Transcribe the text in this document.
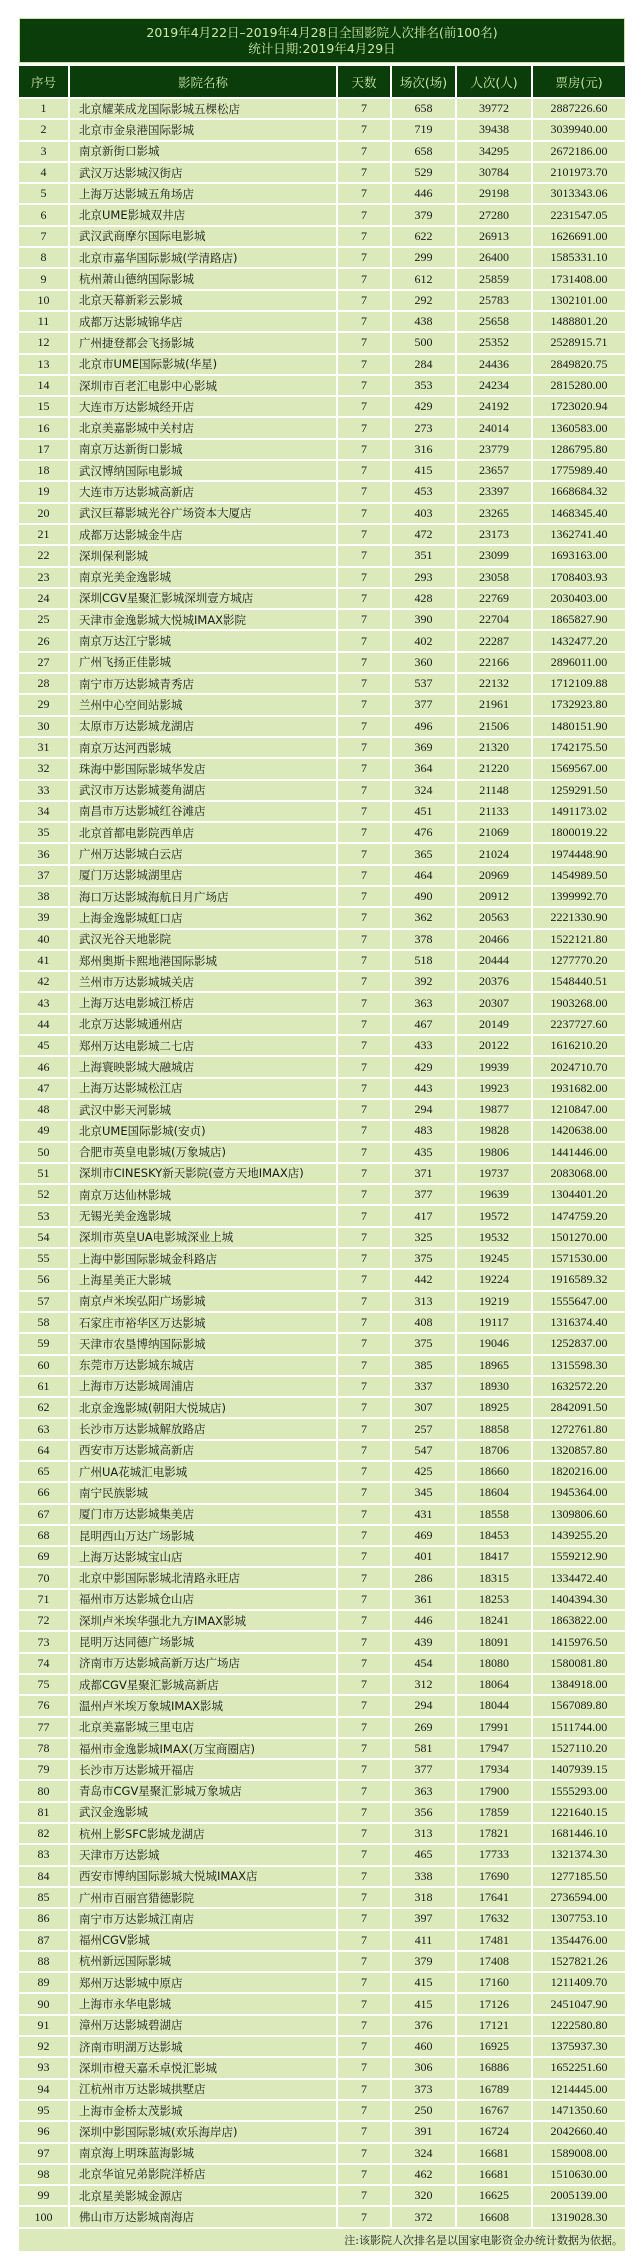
2019年4月22日–2019年4月28日全国影院人次排名(前100名)
统计日期:2019年4月29日
序号	影院名称	天数	场次(场)	人次(人)	票房(元)
1	北京耀莱成龙国际影城五棵松店	7	658	39772	2887226.60
2	北京市金泉港国际影城	7	719	39438	3039940.00
3	南京新街口影城	7	658	34295	2672186.00
4	武汉万达影城汉街店	7	529	30784	2101973.70
5	上海万达影城五角场店	7	446	29198	3013343.06
6	北京UME影城双井店	7	379	27280	2231547.05
7	武汉武商摩尔国际电影城	7	622	26913	1626691.00
8	北京市嘉华国际影城(学清路店)	7	299	26400	1585331.10
9	杭州萧山德纳国际影城	7	612	25859	1731408.00
10	北京天幕新彩云影城	7	292	25783	1302101.00
11	成都万达影城锦华店	7	438	25658	1488801.20
12	广州捷登都会飞扬影城	7	500	25352	2528915.71
13	北京市UME国际影城(华星)	7	284	24436	2849820.75
14	深圳市百老汇电影中心影城	7	353	24234	2815280.00
15	大连市万达影城经开店	7	429	24192	1723020.94
16	北京美嘉影城中关村店	7	273	24014	1360583.00
17	南京万达新街口影城	7	316	23779	1286795.80
18	武汉博纳国际电影城	7	415	23657	1775989.40
19	大连市万达影城高新店	7	453	23397	1668684.32
20	武汉巨幕影城光谷广场资本大厦店	7	403	23265	1468345.40
21	成都万达影城金牛店	7	472	23173	1362741.40
22	深圳保利影城	7	351	23099	1693163.00
23	南京光美金逸影城	7	293	23058	1708403.93
24	深圳CGV星聚汇影城深圳壹方城店	7	428	22769	2030403.00
25	天津市金逸影城大悦城IMAX影院	7	390	22704	1865827.90
26	南京万达江宁影城	7	402	22287	1432477.20
27	广州飞扬正佳影城	7	360	22166	2896011.00
28	南宁市万达影城青秀店	7	537	22132	1712109.88
29	兰州中心空间站影城	7	377	21961	1732923.80
30	太原市万达影城龙湖店	7	496	21506	1480151.90
31	南京万达河西影城	7	369	21320	1742175.50
32	珠海中影国际影城华发店	7	364	21220	1569567.00
33	武汉市万达影城菱角湖店	7	324	21148	1259291.50
34	南昌市万达影城红谷滩店	7	451	21133	1491173.02
35	北京首都电影院西单店	7	476	21069	1800019.22
36	广州万达影城白云店	7	365	21024	1974448.90
37	厦门万达影城湖里店	7	464	20969	1454989.50
38	海口万达影城海航日月广场店	7	490	20912	1399992.70
39	上海金逸影城虹口店	7	362	20563	2221330.90
40	武汉光谷天地影院	7	378	20466	1522121.80
41	郑州奥斯卡熙地港国际影城	7	518	20444	1277770.20
42	兰州市万达影城城关店	7	392	20376	1548440.51
43	上海万达电影城江桥店	7	363	20307	1903268.00
44	北京万达影城通州店	7	467	20149	2237727.60
45	郑州万达电影城二七店	7	433	20122	1616210.20
46	上海寰映影城大融城店	7	429	19939	2024710.70
47	上海万达影城松江店	7	443	19923	1931682.00
48	武汉中影天河影城	7	294	19877	1210847.00
49	北京UME国际影城(安贞)	7	483	19828	1420638.00
50	合肥市英皇电影城(万象城店)	7	435	19806	1441446.00
51	深圳市CINESKY新天影院(壹方天地IMAX店)	7	371	19737	2083068.00
52	南京万达仙林影城	7	377	19639	1304401.20
53	无锡光美金逸影城	7	417	19572	1474759.20
54	深圳市英皇UA电影城深业上城	7	325	19532	1501270.00
55	上海中影国际影城金科路店	7	375	19245	1571530.00
56	上海星美正大影城	7	442	19224	1916589.32
57	南京卢米埃弘阳广场影城	7	313	19219	1555647.00
58	石家庄市裕华区万达影城	7	408	19117	1316374.40
59	天津市农垦博纳国际影城	7	375	19046	1252837.00
60	东莞市万达影城东城店	7	385	18965	1315598.30
61	上海市万达影城周浦店	7	337	18930	1632572.20
62	北京金逸影城(朝阳大悦城店)	7	307	18925	2842091.50
63	长沙市万达影城解放路店	7	257	18858	1272761.80
64	西安市万达影城高新店	7	547	18706	1320857.80
65	广州UA花城汇电影城	7	425	18660	1820216.00
66	南宁民族影城	7	345	18604	1945364.00
67	厦门市万达影城集美店	7	431	18558	1309806.60
68	昆明西山万达广场影城	7	469	18453	1439255.20
69	上海万达影城宝山店	7	401	18417	1559212.90
70	北京中影国际影城北清路永旺店	7	286	18315	1334472.40
71	福州市万达影城仓山店	7	361	18253	1404394.30
72	深圳卢米埃华强北九方IMAX影城	7	446	18241	1863822.00
73	昆明万达同德广场影城	7	439	18091	1415976.50
74	济南市万达影城高新万达广场店	7	454	18080	1580081.80
75	成都CGV星聚汇影城高新店	7	312	18064	1384918.00
76	温州卢米埃万象城IMAX影城	7	294	18044	1567089.80
77	北京美嘉影城三里屯店	7	269	17991	1511744.00
78	福州市金逸影城IMAX(万宝商圈店)	7	581	17947	1527110.20
79	长沙市万达影城开福店	7	377	17934	1407939.15
80	青岛市CGV星聚汇影城万象城店	7	363	17900	1555293.00
81	武汉金逸影城	7	356	17859	1221640.15
82	杭州上影SFC影城龙湖店	7	313	17821	1681446.10
83	天津市万达影城	7	465	17733	1321374.30
84	西安市博纳国际影城大悦城IMAX店	7	338	17690	1277185.50
85	广州市百丽宫猎德影院	7	318	17641	2736594.00
86	南宁市万达影城江南店	7	397	17632	1307753.10
87	福州CGV影城	7	411	17481	1354476.00
88	杭州新远国际影城	7	379	17408	1527821.26
89	郑州万达影城中原店	7	415	17160	1211409.70
90	上海市永华电影城	7	415	17126	2451047.90
91	漳州万达影城碧湖店	7	376	17121	1222580.80
92	济南市明湖万达影城	7	460	16925	1375937.30
93	深圳市橙天嘉禾卓悦汇影城	7	306	16886	1652251.60
94	江杭州市万达影城拱墅店	7	373	16789	1214445.00
95	上海市金桥太茂影城	7	250	16767	1471350.60
96	深圳中影国际影城(欢乐海岸店)	7	391	16724	2042660.40
97	南京海上明珠蓝海影城	7	324	16681	1589008.00
98	北京华谊兄弟影院洋桥店	7	462	16681	1510630.00
99	北京星美影城金源店	7	320	16625	2005139.00
100	佛山市万达影城南海店	7	372	16608	1319028.30
注:该影院人次排名是以国家电影资金办统计数据为依据。					
